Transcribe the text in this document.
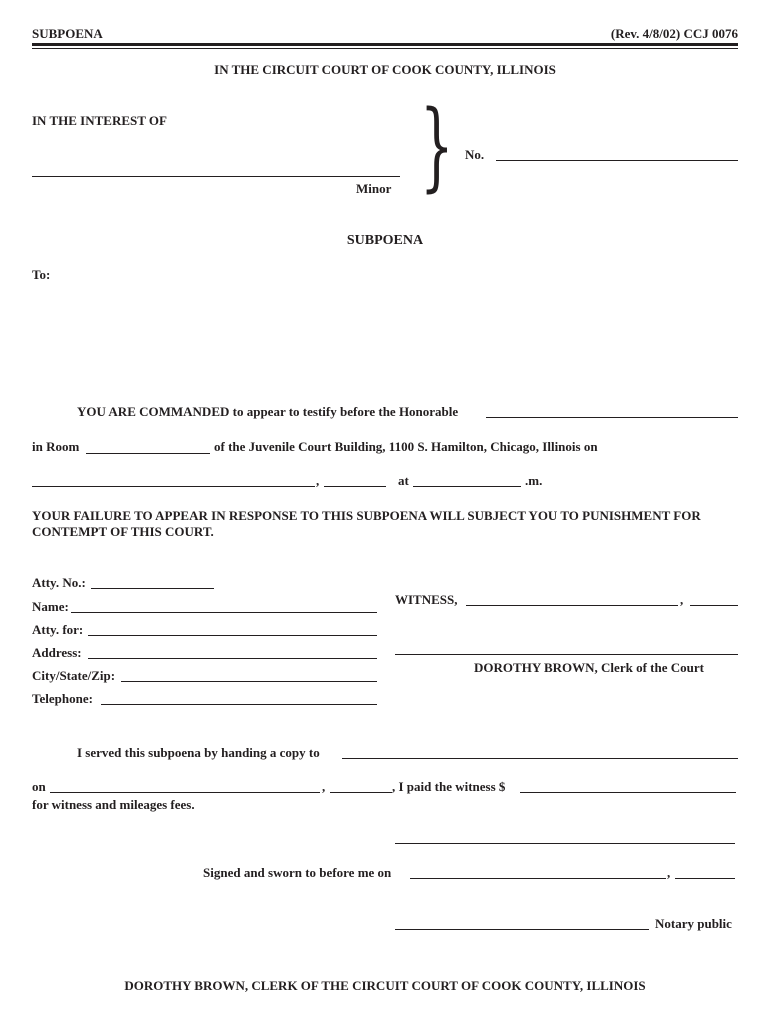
SUBPOENA	(Rev. 4/8/02) CCJ 0076
IN THE CIRCUIT COURT OF COOK COUNTY, ILLINOIS
IN THE INTEREST OF
Minor } No.
SUBPOENA
To:
YOU ARE COMMANDED to appear to testify before the Honorable
in Room	of the Juvenile Court Building, 1100 S. Hamilton, Chicago, Illinois on
,	at	.m.
YOUR FAILURE TO APPEAR IN RESPONSE TO THIS SUBPOENA WILL SUBJECT YOU TO PUNISHMENT FOR CONTEMPT OF THIS COURT.
Atty. No.:
Name:
Atty. for:
Address:
City/State/Zip:
Telephone:
WITNESS,	,
DOROTHY BROWN, Clerk of the Court
I served this subpoena by handing a copy to
on	,	, I paid the witness $
for witness and mileages fees.
Signed and sworn to before me on	,
Notary public
DOROTHY BROWN, CLERK OF THE CIRCUIT COURT OF COOK COUNTY, ILLINOIS
